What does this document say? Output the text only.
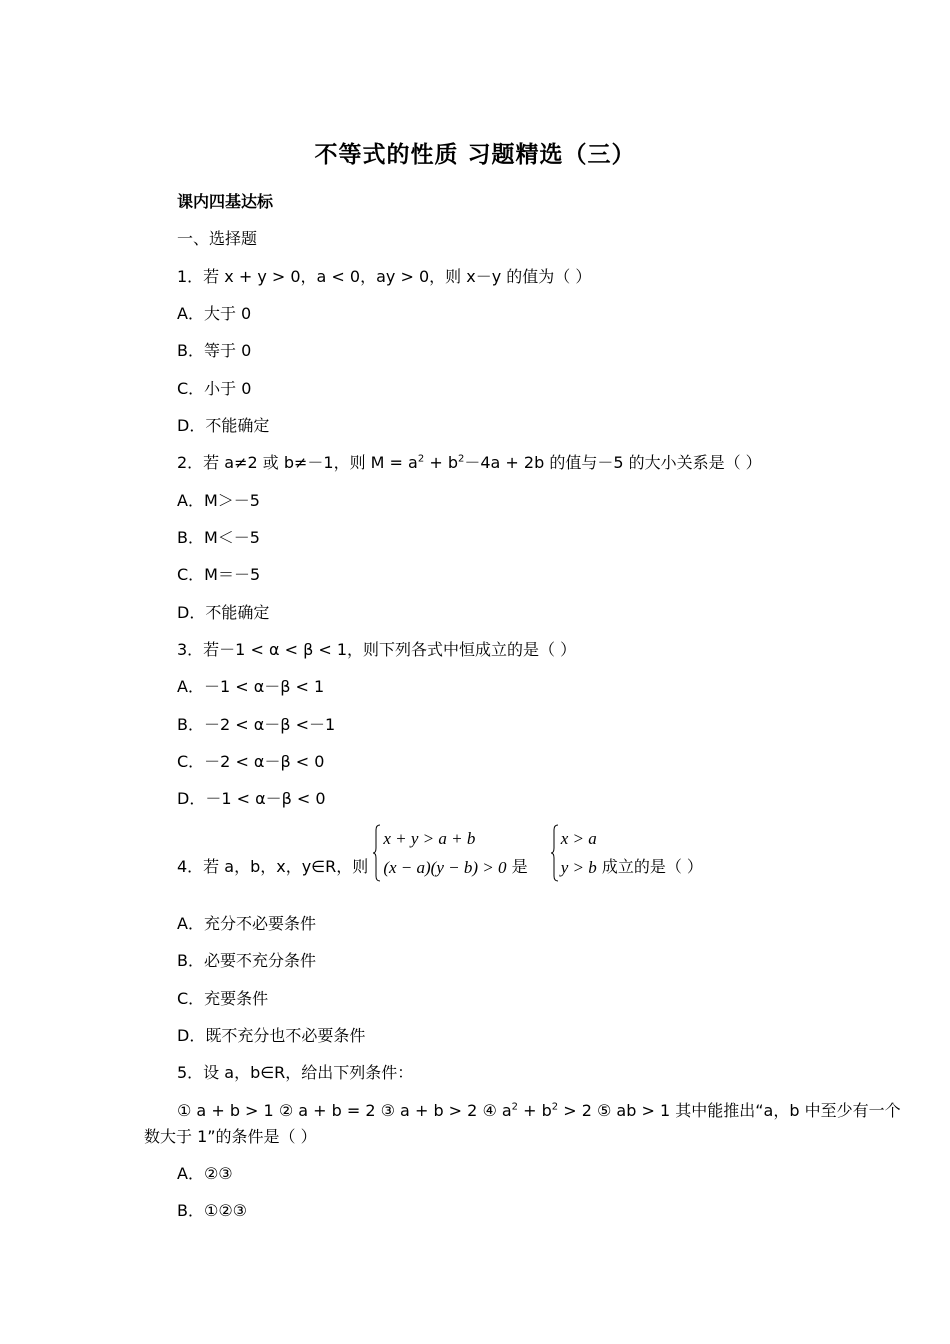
不等式的性质 习题精选（三）
课内四基达标
一、选择题
1．若 x + y > 0，a < 0，ay > 0，则 x－y 的值为（ ）
A．大于 0
B．等于 0
C．小于 0
D．不能确定
2．若 a≠2 或 b≠－1，则 $M = a^2 + b^2-4a + 2b$ 的值与－5 的大小关系是（ ）
A．M＞－5
B．M＜－5
C．M＝－5
D．不能确定
3．若－1 < α < β < 1，则下列各式中恒成立的是（ ）
A．－1 < α－β < 1
B．－2 < α－β <－1
C．－2 < α－β < 0
D．－1 < α－β < 0
4．若 a，b，x，y∈R，则
x + y > a + b
(x − a)(y − b) > 0 是
x > a
y > b 成立的是（ ）
A．充分不必要条件
B．必要不充分条件
C．充要条件
D．既不充分也不必要条件
5．设 a，b∈R，给出下列条件：
① a + b > 1 ② a + b = 2 ③ a + b > 2 ④ $a^2 + b^2 > 2$ ⑤ ab > 1 其中能推出“a，b 中至少有一个
数大于 1”的条件是（ ）
A．②③
B．①②③
